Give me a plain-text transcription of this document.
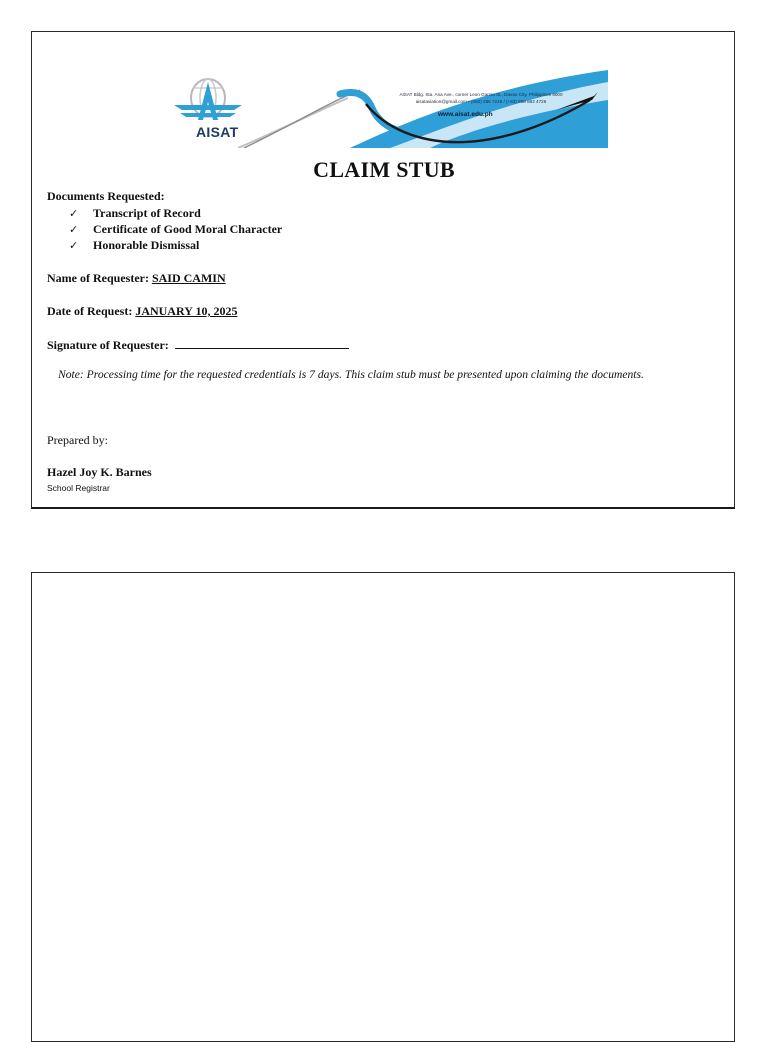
AISAT
AISAT Bldg. Sta. Ana Ave., corner Leon Garcia St., Davao City, Philippines 8000
aisataviation@gmail.com • (082) 285 7219 / (+63) 908 882 4726
www.aisat.edu.ph
CLAIM STUB
Documents Requested:
✓ Transcript of Record
✓ Certificate of Good Moral Character
✓ Honorable Dismissal
Name of Requester: SAID CAMIN
Date of Request: JANUARY 10, 2025
Signature of Requester:
Note: Processing time for the requested credentials is 7 days. This claim stub must be presented upon claiming the documents.
Prepared by:
Hazel Joy K. Barnes
School Registrar
